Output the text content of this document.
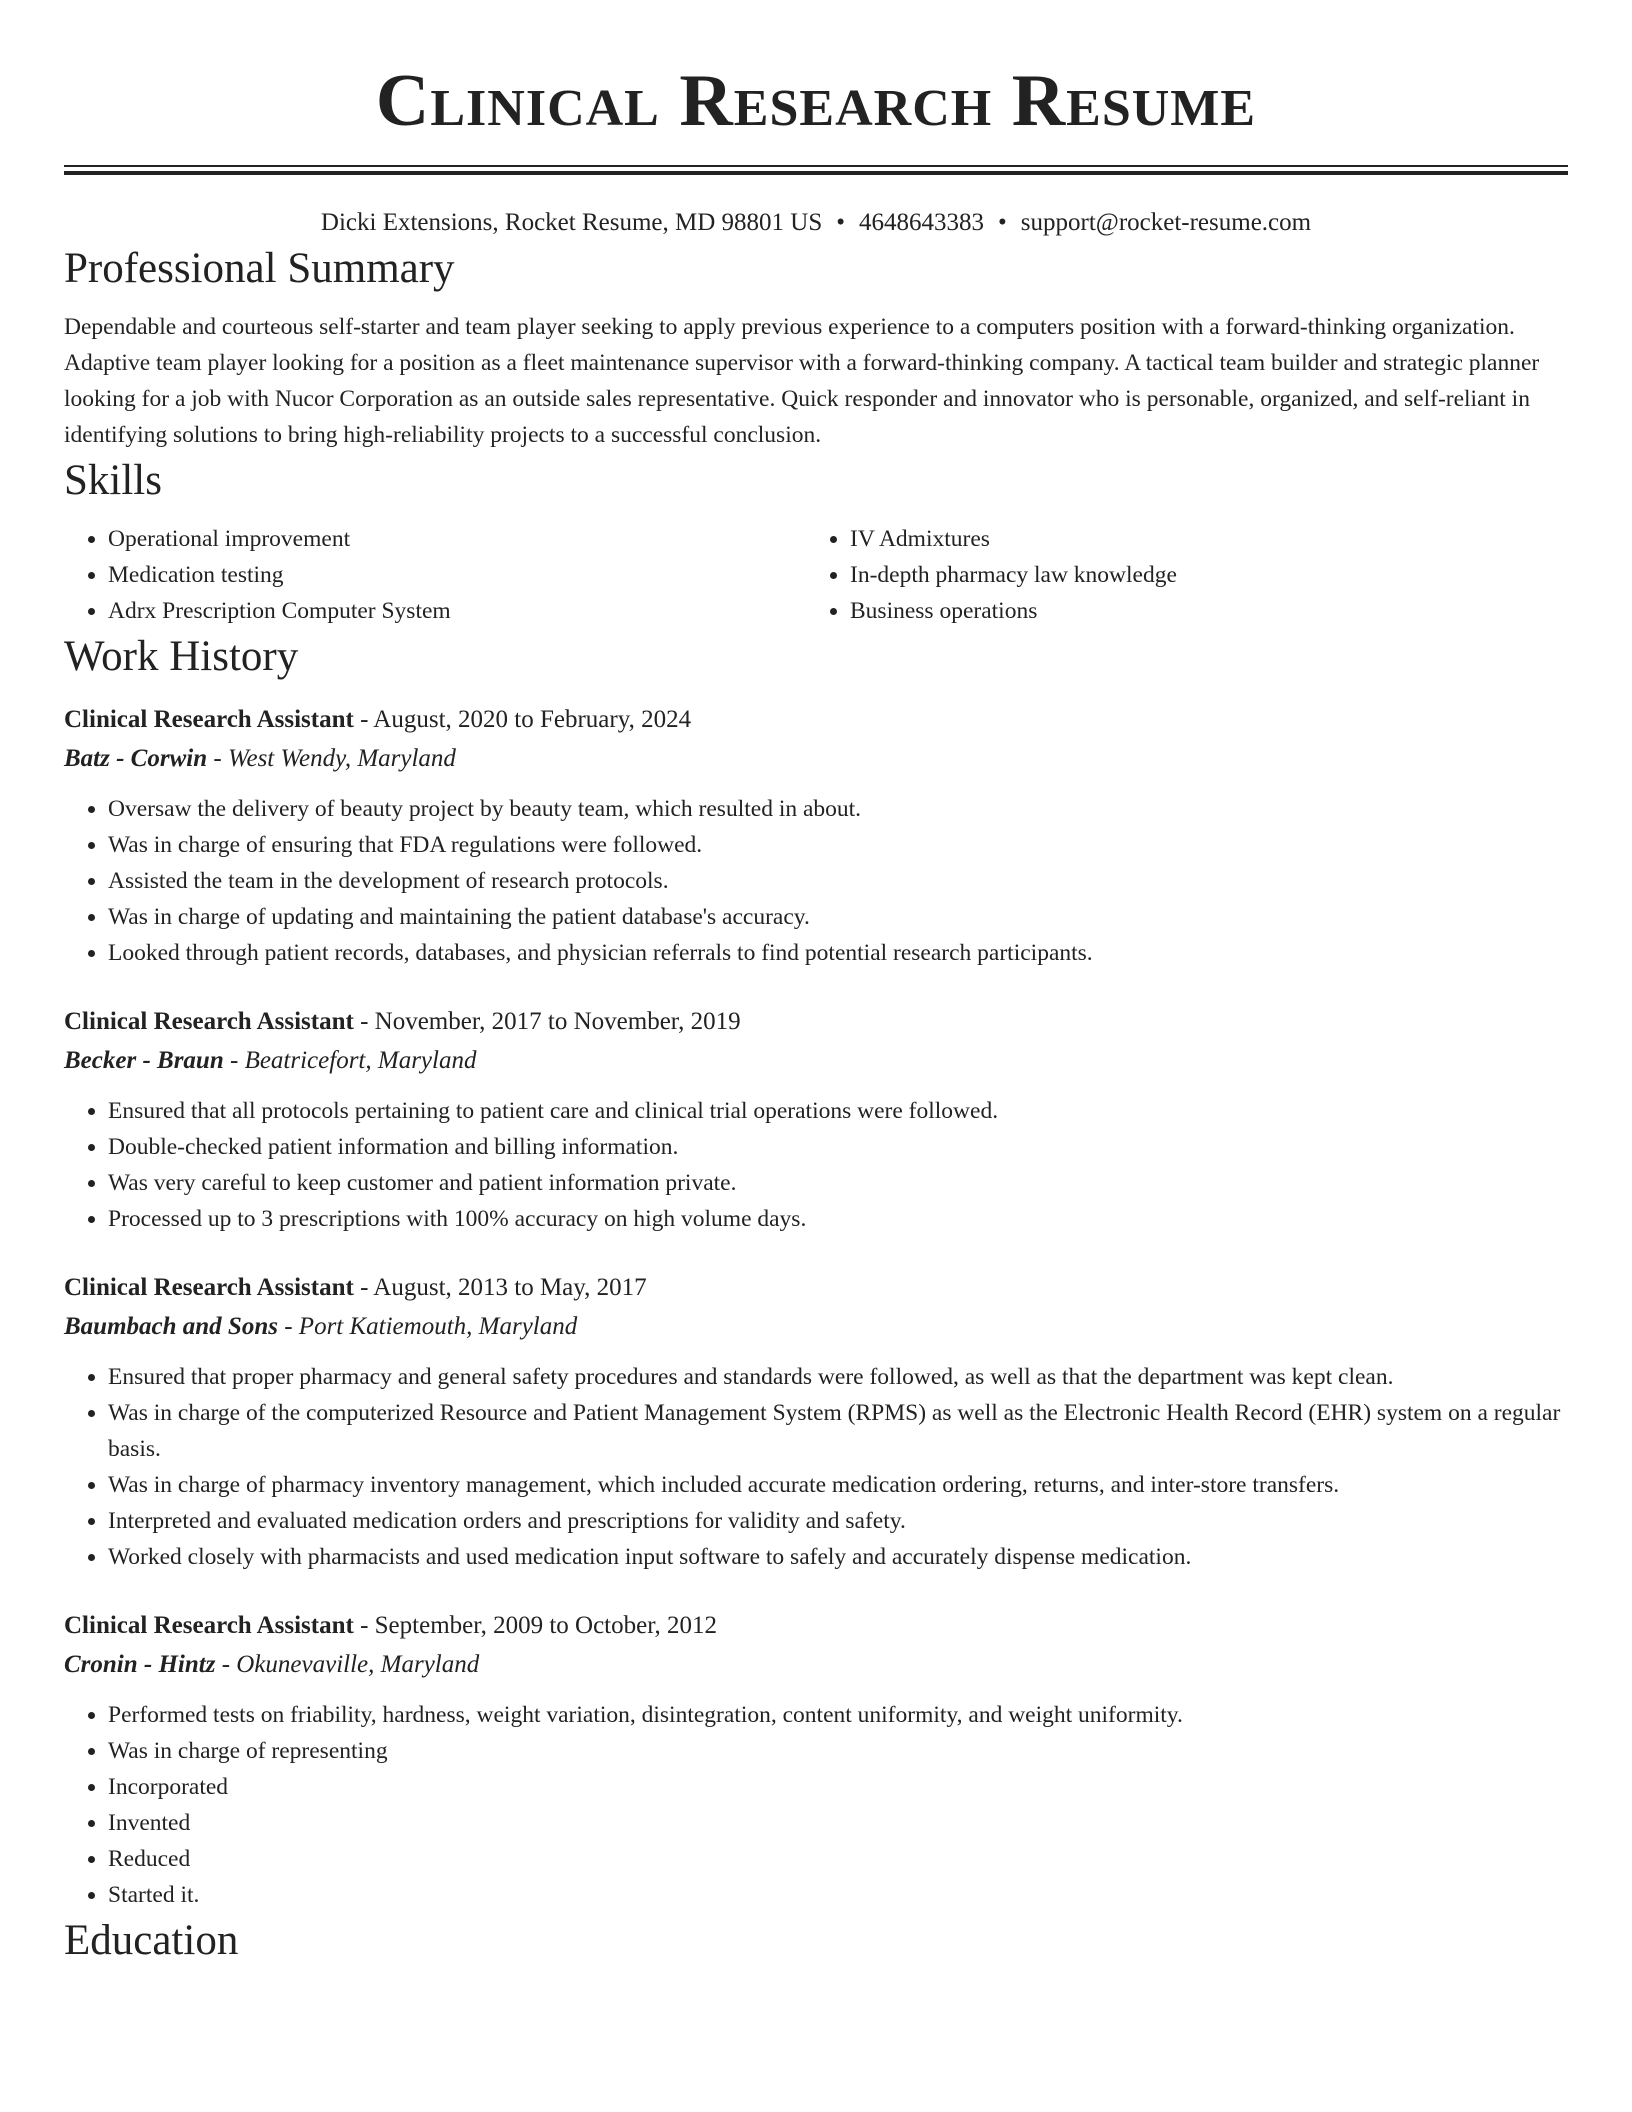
Clinical Research Resume
Dicki Extensions, Rocket Resume, MD 98801 US • 4648643383 • support@rocket-resume.com
Professional Summary
Dependable and courteous self-starter and team player seeking to apply previous experience to a computers position with a forward-thinking organization. Adaptive team player looking for a position as a fleet maintenance supervisor with a forward-thinking company. A tactical team builder and strategic planner looking for a job with Nucor Corporation as an outside sales representative. Quick responder and innovator who is personable, organized, and self-reliant in identifying solutions to bring high-reliability projects to a successful conclusion.
Skills
• Operational improvement
• Medication testing
• Adrx Prescription Computer System
• IV Admixtures
• In-depth pharmacy law knowledge
• Business operations
Work History
Clinical Research Assistant - August, 2020 to February, 2024
Batz - Corwin - West Wendy, Maryland
• Oversaw the delivery of beauty project by beauty team, which resulted in about.
• Was in charge of ensuring that FDA regulations were followed.
• Assisted the team in the development of research protocols.
• Was in charge of updating and maintaining the patient database's accuracy.
• Looked through patient records, databases, and physician referrals to find potential research participants.
Clinical Research Assistant - November, 2017 to November, 2019
Becker - Braun - Beatricefort, Maryland
• Ensured that all protocols pertaining to patient care and clinical trial operations were followed.
• Double-checked patient information and billing information.
• Was very careful to keep customer and patient information private.
• Processed up to 3 prescriptions with 100% accuracy on high volume days.
Clinical Research Assistant - August, 2013 to May, 2017
Baumbach and Sons - Port Katiemouth, Maryland
• Ensured that proper pharmacy and general safety procedures and standards were followed, as well as that the department was kept clean.
• Was in charge of the computerized Resource and Patient Management System (RPMS) as well as the Electronic Health Record (EHR) system on a regular basis.
• Was in charge of pharmacy inventory management, which included accurate medication ordering, returns, and inter-store transfers.
• Interpreted and evaluated medication orders and prescriptions for validity and safety.
• Worked closely with pharmacists and used medication input software to safely and accurately dispense medication.
Clinical Research Assistant - September, 2009 to October, 2012
Cronin - Hintz - Okunevaville, Maryland
• Performed tests on friability, hardness, weight variation, disintegration, content uniformity, and weight uniformity.
• Was in charge of representing
• Incorporated
• Invented
• Reduced
• Started it.
Education
